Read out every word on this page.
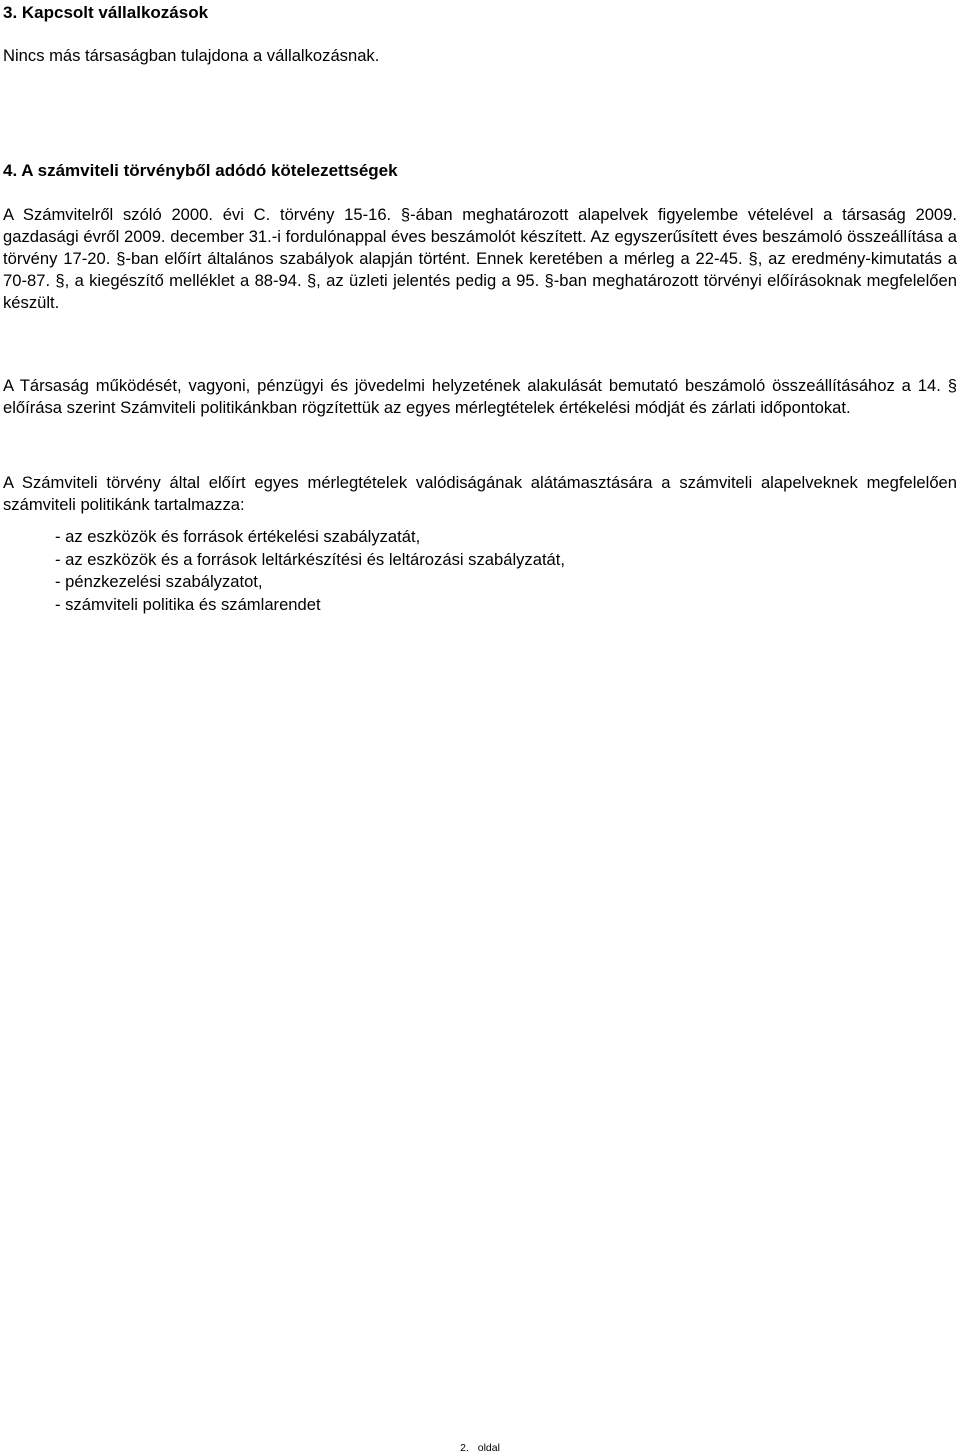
3. Kapcsolt vállalkozások

Nincs más társaságban tulajdona a vállalkozásnak.

4. A számviteli törvényből adódó kötelezettségek

A Számvitelről szóló 2000. évi C. törvény 15-16. §-ában meghatározott alapelvek figyelembe vételével a társaság 2009. gazdasági évről 2009. december 31.-i fordulónappal éves beszámolót készített. Az egyszerűsített éves beszámoló összeállítása a törvény 17-20. §-ban előírt általános szabályok alapján történt. Ennek keretében a mérleg a 22-45. §, az eredmény-kimutatás a 70-87. §, a kiegészítő melléklet a 88-94. §, az üzleti jelentés pedig a 95. §-ban meghatározott törvényi előírásoknak megfelelően készült.

A Társaság működését, vagyoni, pénzügyi és jövedelmi helyzetének alakulását bemutató beszámoló összeállításához a 14. § előírása szerint Számviteli politikánkban rögzítettük az egyes mérlegtételek értékelési módját és zárlati időpontokat.

A Számviteli törvény által előírt egyes mérlegtételek valódiságának alátámasztására a számviteli alapelveknek megfelelően számviteli politikánk tartalmazza:

- az eszközök és források értékelési szabályzatát,
- az eszközök és a források leltárkészítési és leltározási szabályzatát,
- pénzkezelési szabályzatot,
- számviteli politika és számlarendet
2. oldal
